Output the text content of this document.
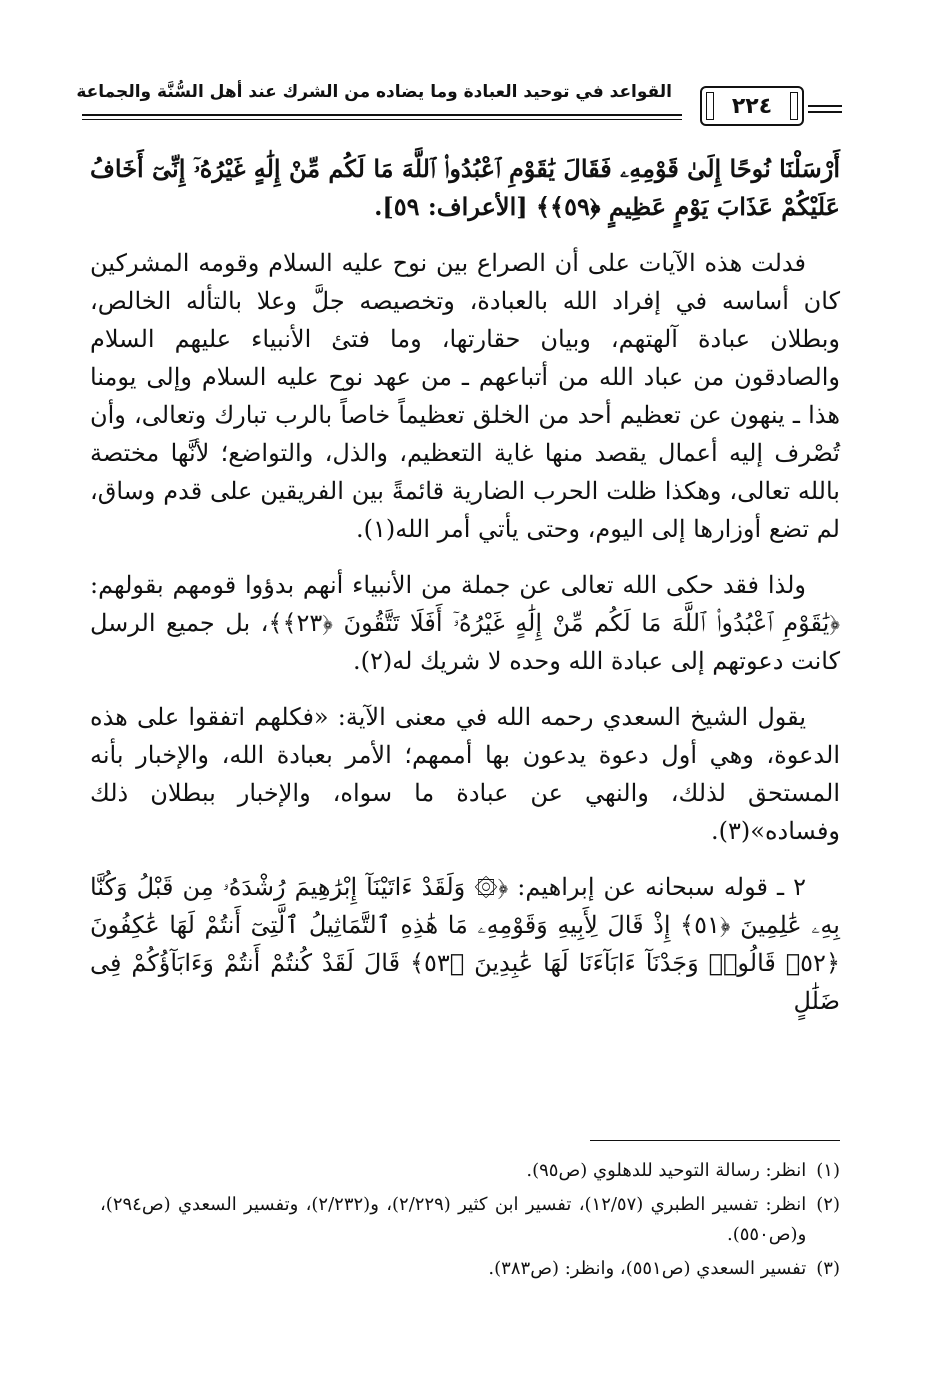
القواعد في توحيد العبادة وما يضاده من الشرك عند أهل السُّنَّة والجماعة
٢٢٤

أَرْسَلْنَا نُوحًا إِلَىٰ قَوْمِهِۦ فَقَالَ يَٰقَوْمِ ٱعْبُدُوا۟ ٱللَّهَ مَا لَكُم مِّنْ إِلَٰهٍ غَيْرُهُۥٓ إِنِّىٓ أَخَافُ عَلَيْكُمْ عَذَابَ يَوْمٍ عَظِيمٍ ﴿٥٩﴾﴾ [الأعراف: ٥٩].

فدلت هذه الآيات على أن الصراع بين نوح عليه السلام وقومه المشركين كان أساسه في إفراد الله بالعبادة، وتخصيصه جلَّ وعلا بالتأله الخالص، وبطلان عبادة آلهتهم، وبيان حقارتها، وما فتئ الأنبياء عليهم السلام والصادقون من عباد الله من أتباعهم ـ من عهد نوح عليه السلام وإلى يومنا هذا ـ ينهون عن تعظيم أحد من الخلق تعظيماً خاصاً بالرب تبارك وتعالى، وأن تُصْرف إليه أعمال يقصد منها غاية التعظيم، والذل، والتواضع؛ لأنَّها مختصة بالله تعالى، وهكذا ظلت الحرب الضارية قائمةً بين الفريقين على قدم وساق، لم تضع أوزارها إلى اليوم، وحتى يأتي أمر الله(١).

ولذا فقد حكى الله تعالى عن جملة من الأنبياء أنهم بدؤوا قومهم بقولهم: ﴿يَٰقَوْمِ ٱعْبُدُوا۟ ٱللَّهَ مَا لَكُم مِّنْ إِلَٰهٍ غَيْرُهُۥٓ أَفَلَا تَتَّقُونَ ﴿٢٣﴾﴾، بل جميع الرسل كانت دعوتهم إلى عبادة الله وحده لا شريك له(٢).

يقول الشيخ السعدي رحمه الله في معنى الآية: «فكلهم اتفقوا على هذه الدعوة، وهي أول دعوة يدعون بها أممهم؛ الأمر بعبادة الله، والإخبار بأنه المستحق لذلك، والنهي عن عبادة ما سواه، والإخبار ببطلان ذلك وفساده»(٣).

٢ ـ قوله سبحانه عن إبراهيم: ﴿۞ وَلَقَدْ ءَاتَيْنَآ إِبْرَٰهِيمَ رُشْدَهُۥ مِن قَبْلُ وَكُنَّا بِهِۦ عَٰلِمِينَ ﴿٥١﴾ إِذْ قَالَ لِأَبِيهِ وَقَوْمِهِۦ مَا هَٰذِهِ ٱلتَّمَاثِيلُ ٱلَّتِىٓ أَنتُمْ لَهَا عَٰكِفُونَ ﴿٥٢﴾ قَالُوا۟ وَجَدْنَآ ءَابَآءَنَا لَهَا عَٰبِدِينَ ﴿٥٣﴾ قَالَ لَقَدْ كُنتُمْ أَنتُمْ وَءَابَآؤُكُمْ فِى ضَلَٰلٍ

(١)
انظر: رسالة التوحيد للدهلوي (ص٩٥).
(٢)
انظر: تفسير الطبري (١٢/٥٧)، تفسير ابن كثير (٢/٢٢٩)، و(٢/٢٣٢)، وتفسير السعدي (ص٢٩٤)، و(ص٥٥٠).
(٣)
تفسير السعدي (ص٥٥١)، وانظر: (ص٣٨٣).
